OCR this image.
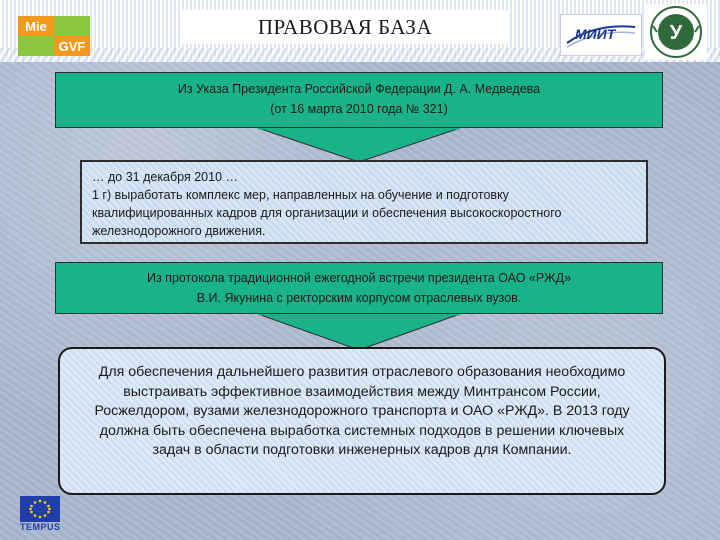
Mie
GVF
ПРАВОВАЯ БАЗА	МИИТ	У

Из Указа Президента Российской Федерации Д. А. Медведева

(от 16 марта 2010 года № 321)

… до 31 декабря 2010 …

1 г) выработать комплекс мер, направленных на обучение и подготовку

квалифицированных кадров для организации и обеспечения высокоскоростного

железнодорожного движения.

Из протокола традиционной ежегодной встречи президента ОАО «РЖД»

В.И. Якунина с ректорским корпусом отраслевых вузов.

Для обеспечения дальнейшего развития отраслевого образования необходимо выстраивать эффективное взаимодействия между Минтрансом России, Росжелдором, вузами железнодорожного транспорта и ОАО «РЖД». В 2013 году должна быть обеспечена выработка системных подходов в решении ключевых задач в области подготовки инженерных кадров для Компании.
TEMPUS
